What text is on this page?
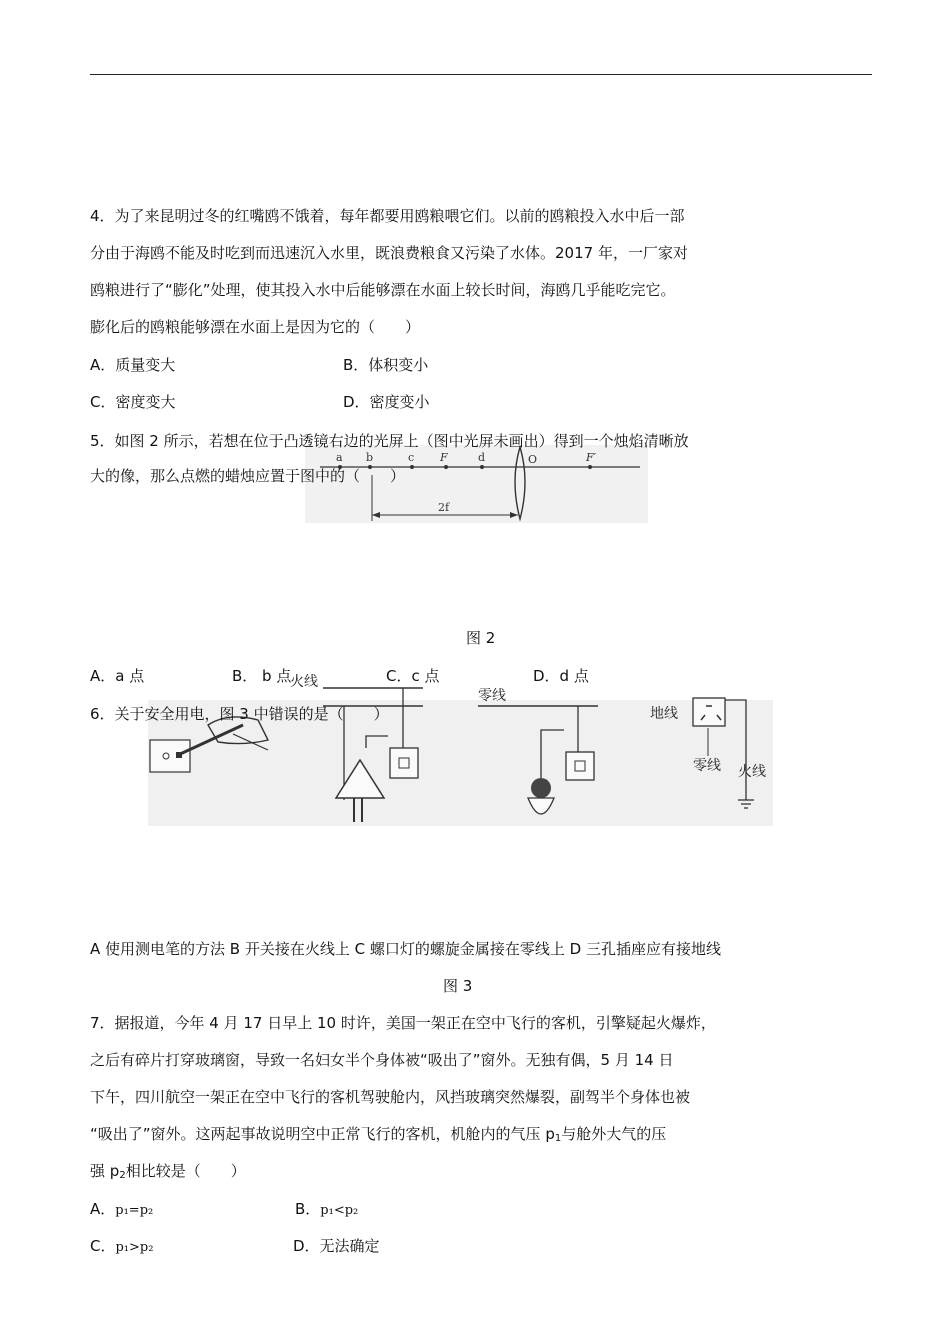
4．为了来昆明过冬的红嘴鸥不饿着，每年都要用鸥粮喂它们。以前的鸥粮投入水中后一部
分由于海鸥不能及时吃到而迅速沉入水里，既浪费粮食又污染了水体。2017 年，一厂家对
鸥粮进行了“膨化”处理，使其投入水中后能够漂在水面上较长时间，海鸥几乎能吃完它。
膨化后的鸥粮能够漂在水面上是因为它的（　　）
A．质量变大	B．体积变小
C．密度变大	D．密度变小
a b	c F	d	O	F′
2f
5．如图 2 所示，若想在位于凸透镜右边的光屏上（图中光屏未画出）得到一个烛焰清晰放
大的像，那么点燃的蜡烛应置于图中的（　　）
图 2
A．a 点	B． b 点	C．c 点	D．d 点
火线
零线
地线
零线 火线
6．关于安全用电，图 3 中错误的是（　　）
A 使用测电笔的方法 B 开关接在火线上 C 螺口灯的螺旋金属接在零线上 D 三孔插座应有接地线
图 3
7．据报道，今年 4 月 17 日早上 10 时许，美国一架正在空中飞行的客机，引擎疑起火爆炸，
之后有碎片打穿玻璃窗，导致一名妇女半个身体被“吸出了”窗外。无独有偶，5 月 14 日
下午，四川航空一架正在空中飞行的客机驾驶舱内，风挡玻璃突然爆裂，副驾半个身体也被
“吸出了”窗外。这两起事故说明空中正常飞行的客机，机舱内的气压 $p_1$与舱外大气的压
强 $p_2$相比较是（　　）
A．p₁=p₂	B．p₁<p₂
C．p₁>p₂	D．无法确定
